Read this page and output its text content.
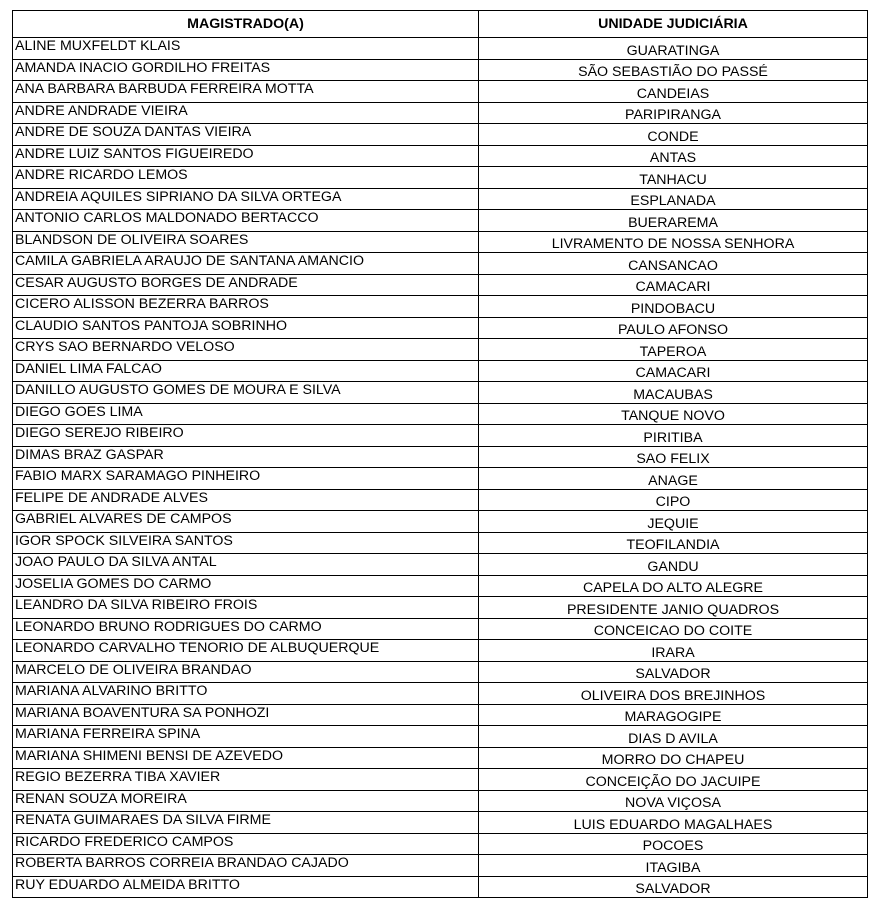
MAGISTRADO(A)	UNIDADE JUDICIÁRIA
ALINE MUXFELDT KLAIS	GUARATINGA
AMANDA INACIO GORDILHO FREITAS	SÃO SEBASTIÃO DO PASSÉ
ANA BARBARA BARBUDA FERREIRA MOTTA	CANDEIAS
ANDRE ANDRADE VIEIRA	PARIPIRANGA
ANDRE DE SOUZA DANTAS VIEIRA	CONDE
ANDRE LUIZ SANTOS FIGUEIREDO	ANTAS
ANDRE RICARDO LEMOS	TANHACU
ANDREIA AQUILES SIPRIANO DA SILVA ORTEGA	ESPLANADA
ANTONIO CARLOS MALDONADO BERTACCO	BUERAREMA
BLANDSON DE OLIVEIRA SOARES	LIVRAMENTO DE NOSSA SENHORA
CAMILA GABRIELA ARAUJO DE SANTANA AMANCIO	CANSANCAO
CESAR AUGUSTO BORGES DE ANDRADE	CAMACARI
CICERO ALISSON BEZERRA BARROS	PINDOBACU
CLAUDIO SANTOS PANTOJA SOBRINHO	PAULO AFONSO
CRYS SAO BERNARDO VELOSO	TAPEROA
DANIEL LIMA FALCAO	CAMACARI
DANILLO AUGUSTO GOMES DE MOURA E SILVA	MACAUBAS
DIEGO GOES LIMA	TANQUE NOVO
DIEGO SEREJO RIBEIRO	PIRITIBA
DIMAS BRAZ GASPAR	SAO FELIX
FABIO MARX SARAMAGO PINHEIRO	ANAGE
FELIPE DE ANDRADE ALVES	CIPO
GABRIEL ALVARES DE CAMPOS	JEQUIE
IGOR SPOCK SILVEIRA SANTOS	TEOFILANDIA
JOAO PAULO DA SILVA ANTAL	GANDU
JOSELIA GOMES DO CARMO	CAPELA DO ALTO ALEGRE
LEANDRO DA SILVA RIBEIRO FROIS	PRESIDENTE JANIO QUADROS
LEONARDO BRUNO RODRIGUES DO CARMO	CONCEICAO DO COITE
LEONARDO CARVALHO TENORIO DE ALBUQUERQUE	IRARA
MARCELO DE OLIVEIRA BRANDAO	SALVADOR
MARIANA ALVARINO BRITTO	OLIVEIRA DOS BREJINHOS
MARIANA BOAVENTURA SA PONHOZI	MARAGOGIPE
MARIANA FERREIRA SPINA	DIAS D AVILA
MARIANA SHIMENI BENSI DE AZEVEDO	MORRO DO CHAPEU
REGIO BEZERRA TIBA XAVIER	CONCEIÇÃO DO JACUIPE
RENAN SOUZA MOREIRA	NOVA VIÇOSA
RENATA GUIMARAES DA SILVA FIRME	LUIS EDUARDO MAGALHAES
RICARDO FREDERICO CAMPOS	POCOES
ROBERTA BARROS CORREIA BRANDAO CAJADO	ITAGIBA
RUY EDUARDO ALMEIDA BRITTO	SALVADOR
